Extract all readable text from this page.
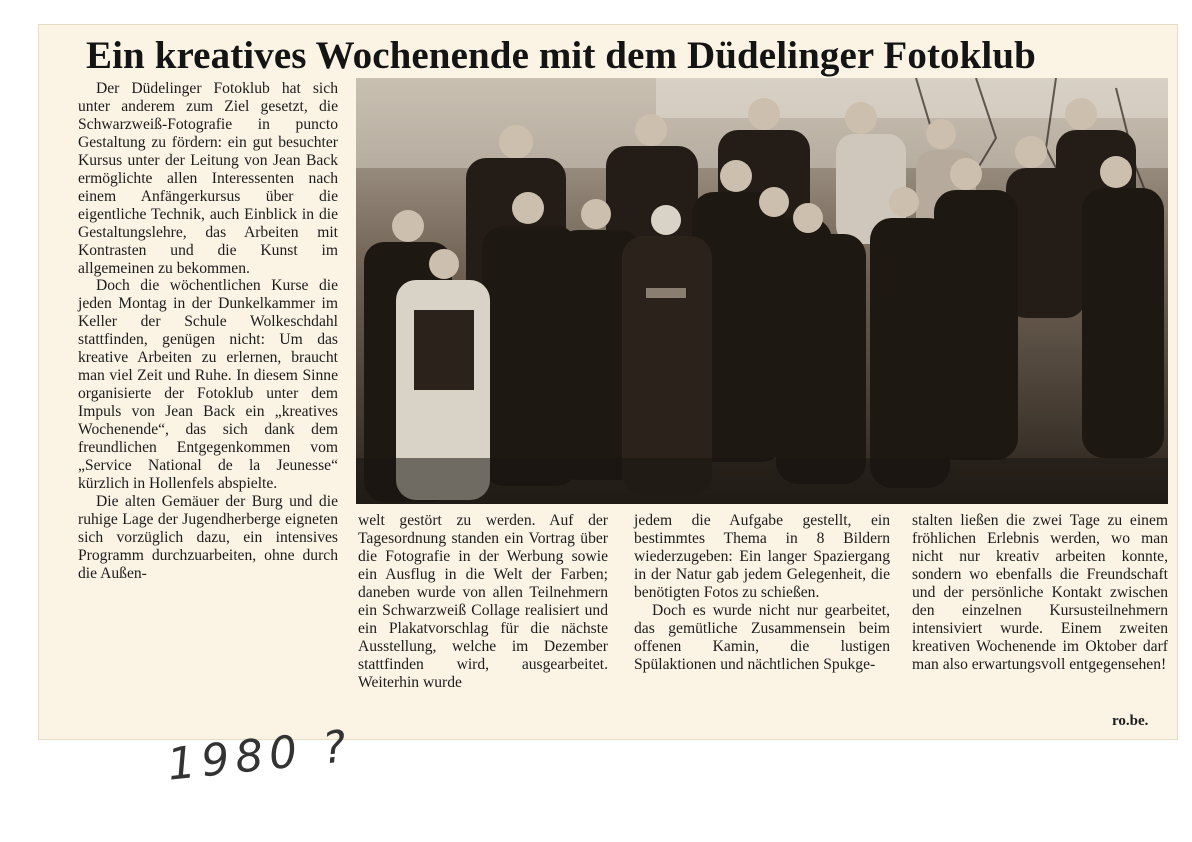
Ein kreatives Wochenende mit dem Düdelinger Fotoklub

Der Düdelinger Fotoklub hat sich unter anderem zum Ziel gesetzt, die Schwarzweiß-Fotografie in puncto Gestaltung zu fördern: ein gut besuchter Kursus unter der Leitung von Jean Back ermöglichte allen Interessenten nach einem Anfängerkursus über die eigentliche Technik, auch Einblick in die Gestaltungslehre, das Arbeiten mit Kontrasten und die Kunst im allgemeinen zu bekommen.

Doch die wöchentlichen Kurse die jeden Montag in der Dunkelkammer im Keller der Schule Wolkeschdahl stattfinden, genügen nicht: Um das kreative Arbeiten zu erlernen, braucht man viel Zeit und Ruhe. In diesem Sinne organisierte der Fotoklub unter dem Impuls von Jean Back ein „kreatives Wochenende“, das sich dank dem freundlichen Entgegenkommen vom „Service National de la Jeunesse“ kürzlich in Hollenfels abspielte.

Die alten Gemäuer der Burg und die ruhige Lage der Jugendherberge eigneten sich vorzüglich dazu, ein intensives Programm durchzuarbeiten, ohne durch die Außen-

welt gestört zu werden. Auf der Tagesordnung standen ein Vortrag über die Fotografie in der Werbung sowie ein Ausflug in die Welt der Farben; daneben wurde von allen Teilnehmern ein Schwarzweiß Collage realisiert und ein Plakatvorschlag für die nächste Ausstellung, welche im Dezember stattfinden wird, ausgearbeitet. Weiterhin wurde

jedem die Aufgabe gestellt, ein bestimmtes Thema in 8 Bildern wiederzugeben: Ein langer Spaziergang in der Natur gab jedem Gelegenheit, die benötigten Fotos zu schießen.

Doch es wurde nicht nur gearbeitet, das gemütliche Zusammensein beim offenen Kamin, die lustigen Spülaktionen und nächtlichen Spukge-

stalten ließen die zwei Tage zu einem fröhlichen Erlebnis werden, wo man nicht nur kreativ arbeiten konnte, sondern wo ebenfalls die Freundschaft und der persönliche Kontakt zwischen den einzelnen Kursusteilnehmern intensiviert wurde. Einem zweiten kreativen Wochenende im Oktober darf man also erwartungsvoll entgegensehen!

ro.be.
1980 ?
